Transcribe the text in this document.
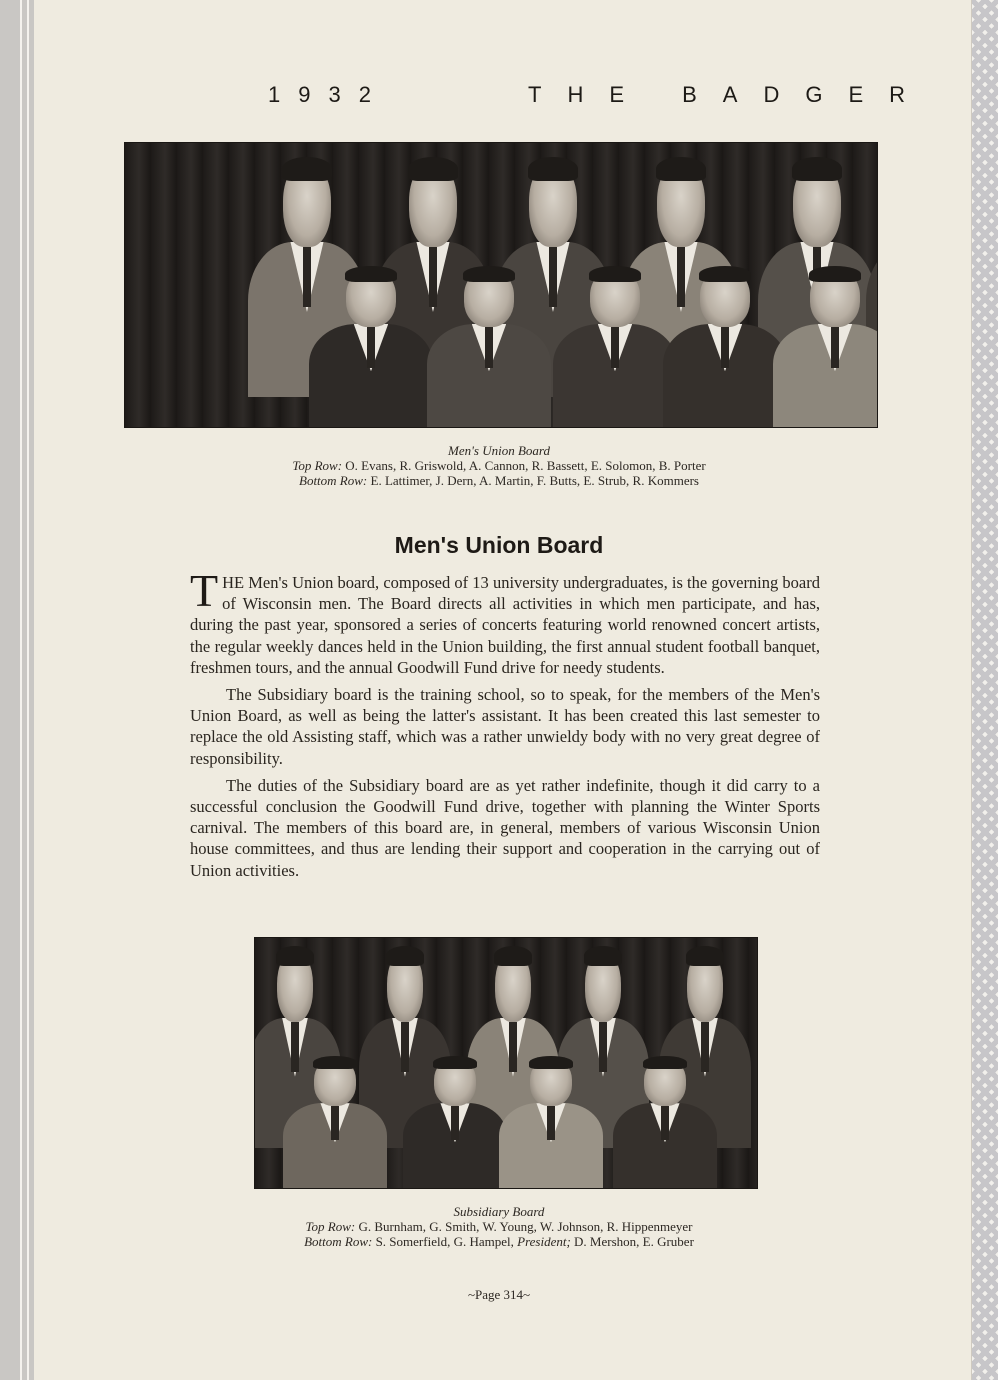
1932	THE BADGER
Men's Union Board
Top Row: O. Evans, R. Griswold, A. Cannon, R. Bassett, E. Solomon, B. Porter
Bottom Row: E. Lattimer, J. Dern, A. Martin, F. Butts, E. Strub, R. Kommers
Men's Union Board

THE Men's Union board, composed of 13 university undergraduates, is the governing board of Wisconsin men. The Board directs all activities in which men participate, and has, during the past year, sponsored a series of concerts featuring world renowned concert artists, the regular weekly dances held in the Union building, the first annual student football banquet, freshmen tours, and the annual Goodwill Fund drive for needy students.

The Subsidiary board is the training school, so to speak, for the members of the Men's Union Board, as well as being the latter's assistant. It has been created this last semester to replace the old Assisting staff, which was a rather unwieldy body with no very great degree of responsibility.

The duties of the Subsidiary board are as yet rather indefinite, though it did carry to a successful conclusion the Goodwill Fund drive, together with planning the Winter Sports carnival. The members of this board are, in general, members of various Wisconsin Union house committees, and thus are lending their support and cooperation in the carrying out of Union activities.

Subsidiary Board
Top Row: G. Burnham, G. Smith, W. Young, W. Johnson, R. Hippenmeyer
Bottom Row: S. Somerfield, G. Hampel, President; D. Mershon, E. Gruber
~Page 314~
